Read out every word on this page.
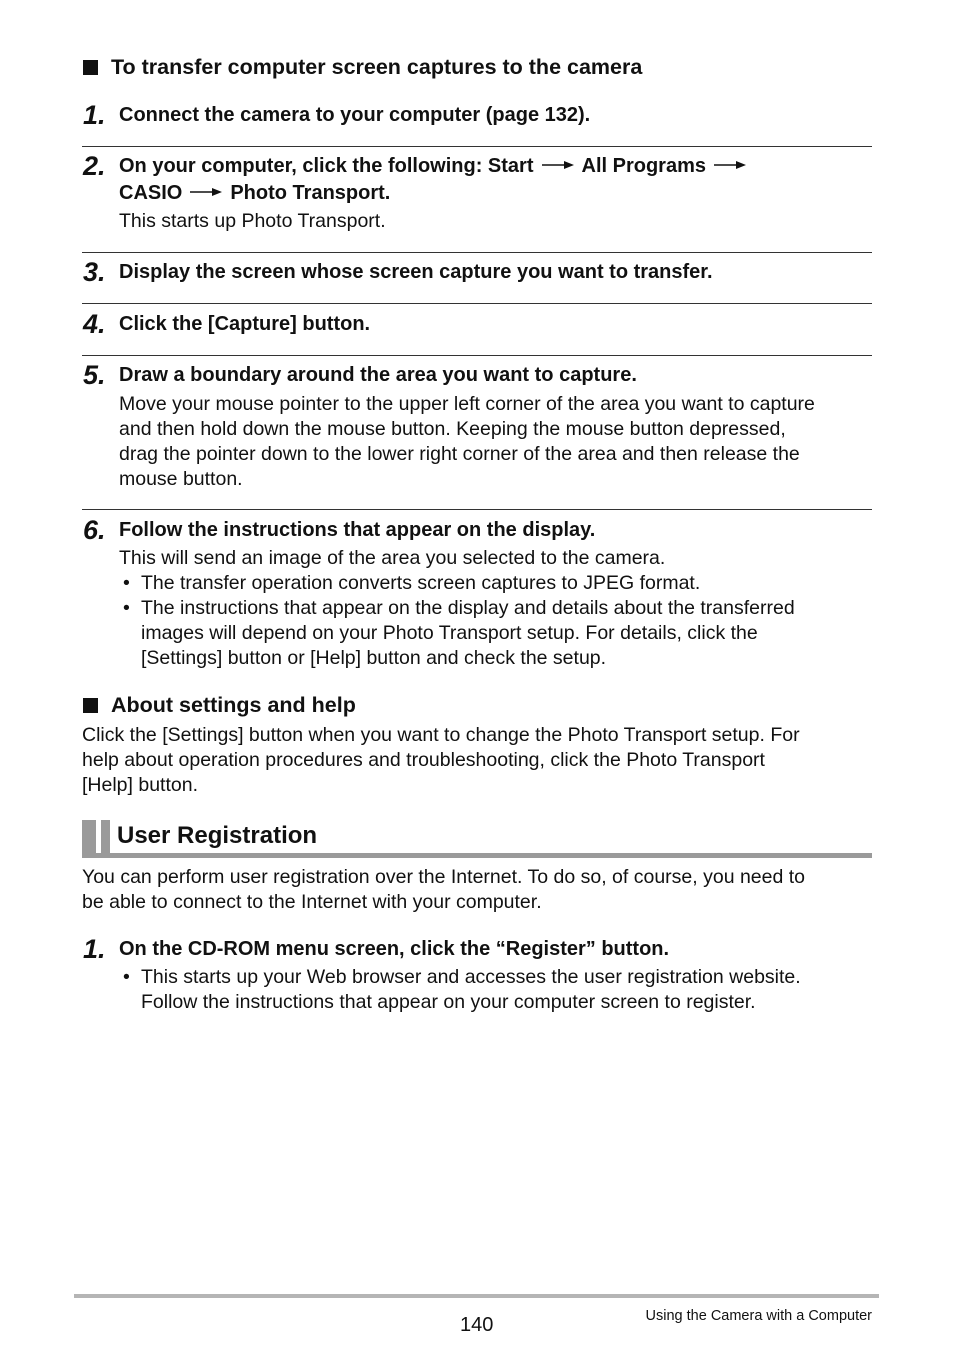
To transfer computer screen captures to the camera
1. Connect the camera to your computer (page 132).
2. On your computer, click the following: Start All Programs
CASIO Photo Transport.
This starts up Photo Transport.
3. Display the screen whose screen capture you want to transfer.
4. Click the [Capture] button.
5. Draw a boundary around the area you want to capture.
Move your mouse pointer to the upper left corner of the area you want to capture
and then hold down the mouse button. Keeping the mouse button depressed,
drag the pointer down to the lower right corner of the area and then release the
mouse button.
6. Follow the instructions that appear on the display.
This will send an image of the area you selected to the camera.
• The transfer operation converts screen captures to JPEG format.
• The instructions that appear on the display and details about the transferred
images will depend on your Photo Transport setup. For details, click the
[Settings] button or [Help] button and check the setup.
About settings and help
Click the [Settings] button when you want to change the Photo Transport setup. For
help about operation procedures and troubleshooting, click the Photo Transport
[Help] button.
User Registration
You can perform user registration over the Internet. To do so, of course, you need to
be able to connect to the Internet with your computer.
1. On the CD-ROM menu screen, click the “Register” button.
• This starts up your Web browser and accesses the user registration website.
Follow the instructions that appear on your computer screen to register.
140	Using the Camera with a Computer
